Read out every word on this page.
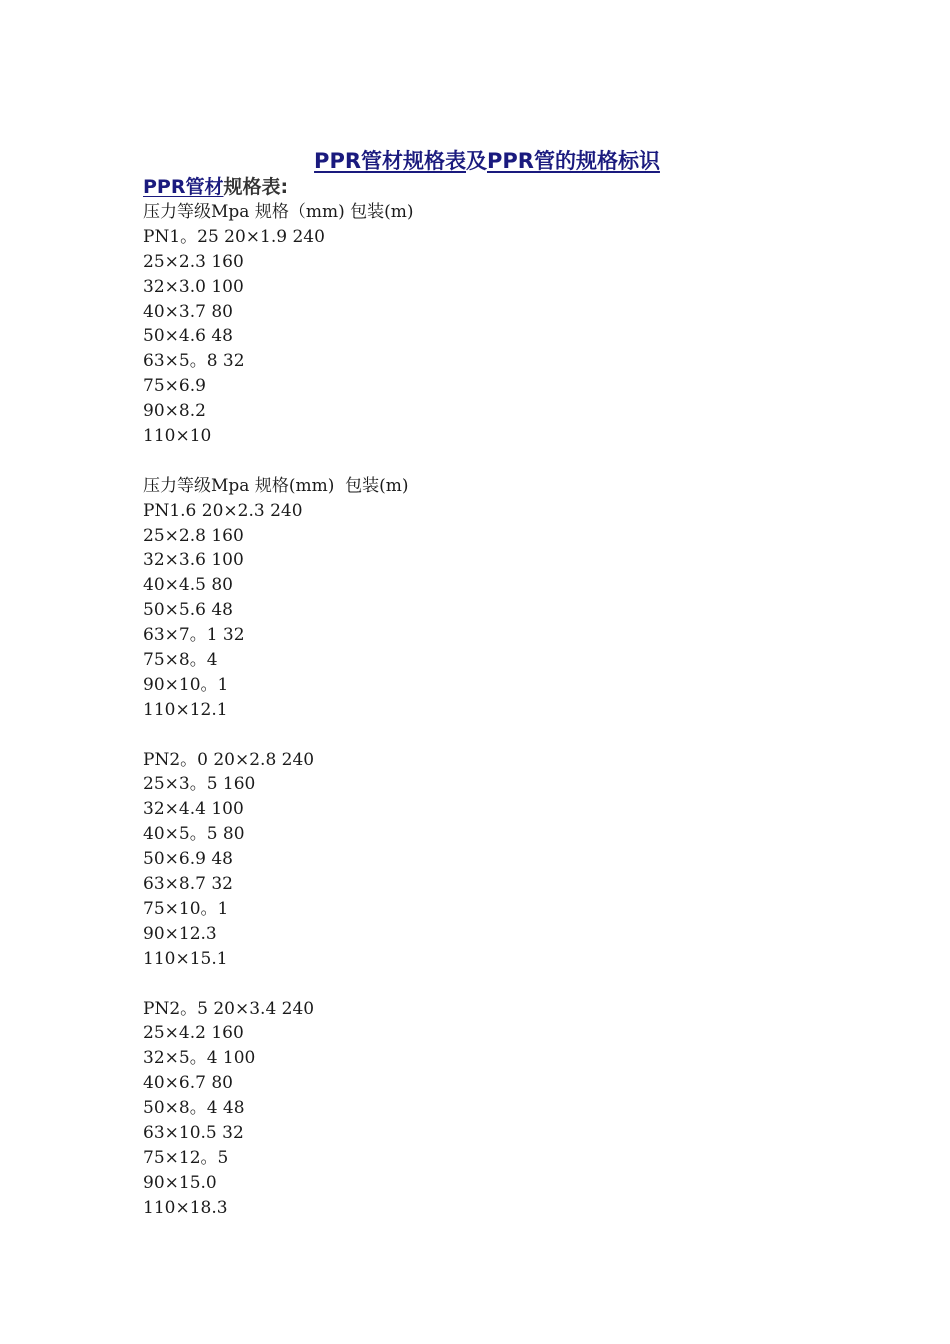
PPR管材规格表及PPR管的规格标识
PPR管材规格表:
压力等级Mpa 规格（mm) 包装(m)
PN1。25 20×1.9 240
25×2.3 160
32×3.0 100
40×3.7 80
50×4.6 48
63×5。8 32
75×6.9
90×8.2
110×10
压力等级Mpa 规格(mm)  包装(m)
PN1.6 20×2.3 240
25×2.8 160
32×3.6 100
40×4.5 80
50×5.6 48
63×7。1 32
75×8。4
90×10。1
110×12.1
PN2。0 20×2.8 240
25×3。5 160
32×4.4 100
40×5。5 80
50×6.9 48
63×8.7 32
75×10。1
90×12.3
110×15.1
PN2。5 20×3.4 240
25×4.2 160
32×5。4 100
40×6.7 80
50×8。4 48
63×10.5 32
75×12。5
90×15.0
110×18.3
